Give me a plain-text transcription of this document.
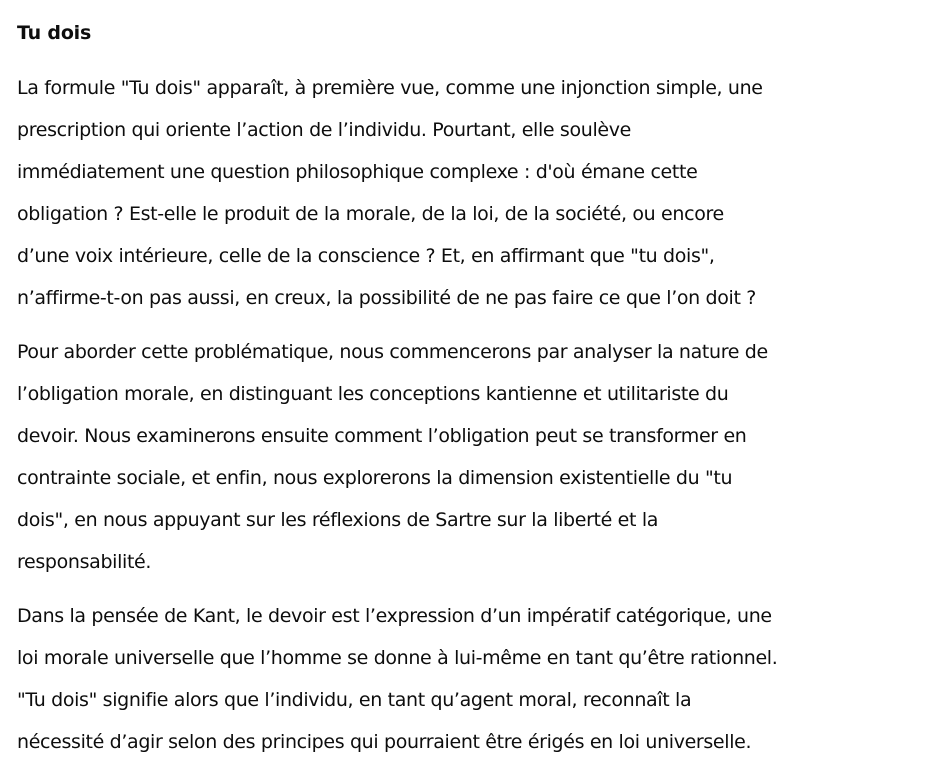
Tu dois

La formule "Tu dois" apparaît, à première vue, comme une injonction simple, une
prescription qui oriente l’action de l’individu. Pourtant, elle soulève
immédiatement une question philosophique complexe : d'où émane cette
obligation ? Est-elle le produit de la morale, de la loi, de la société, ou encore
d’une voix intérieure, celle de la conscience ? Et, en affirmant que "tu dois",
n’affirme-t-on pas aussi, en creux, la possibilité de ne pas faire ce que l’on doit ?

Pour aborder cette problématique, nous commencerons par analyser la nature de
l’obligation morale, en distinguant les conceptions kantienne et utilitariste du
devoir. Nous examinerons ensuite comment l’obligation peut se transformer en
contrainte sociale, et enfin, nous explorerons la dimension existentielle du "tu
dois", en nous appuyant sur les réflexions de Sartre sur la liberté et la
responsabilité.

Dans la pensée de Kant, le devoir est l’expression d’un impératif catégorique, une
loi morale universelle que l’homme se donne à lui-même en tant qu’être rationnel.
"Tu dois" signifie alors que l’individu, en tant qu’agent moral, reconnaît la
nécessité d’agir selon des principes qui pourraient être érigés en loi universelle.
